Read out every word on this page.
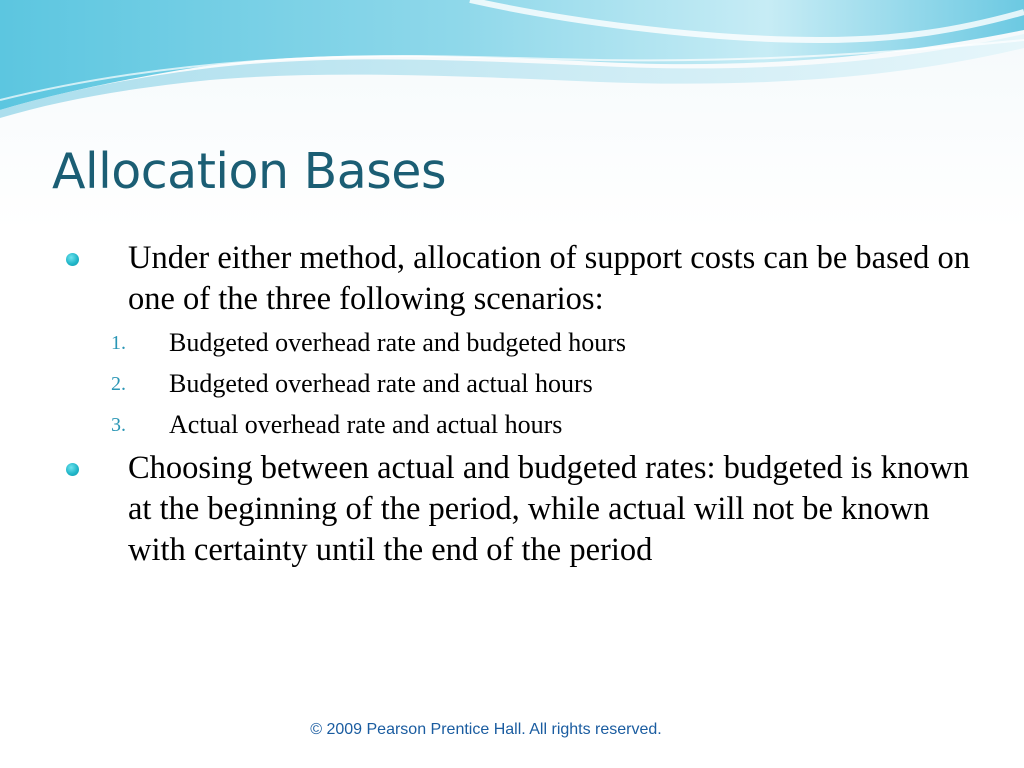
Allocation Bases
Under either method, allocation of support costs can be based on one of the three following scenarios:
1. Budgeted overhead rate and budgeted hours
2. Budgeted overhead rate and actual hours
3. Actual overhead rate and actual hours
Choosing between actual and budgeted rates: budgeted is known at the beginning of the period, while actual will not be known with certainty until the end of the period
© 2009 Pearson Prentice Hall. All rights reserved.
